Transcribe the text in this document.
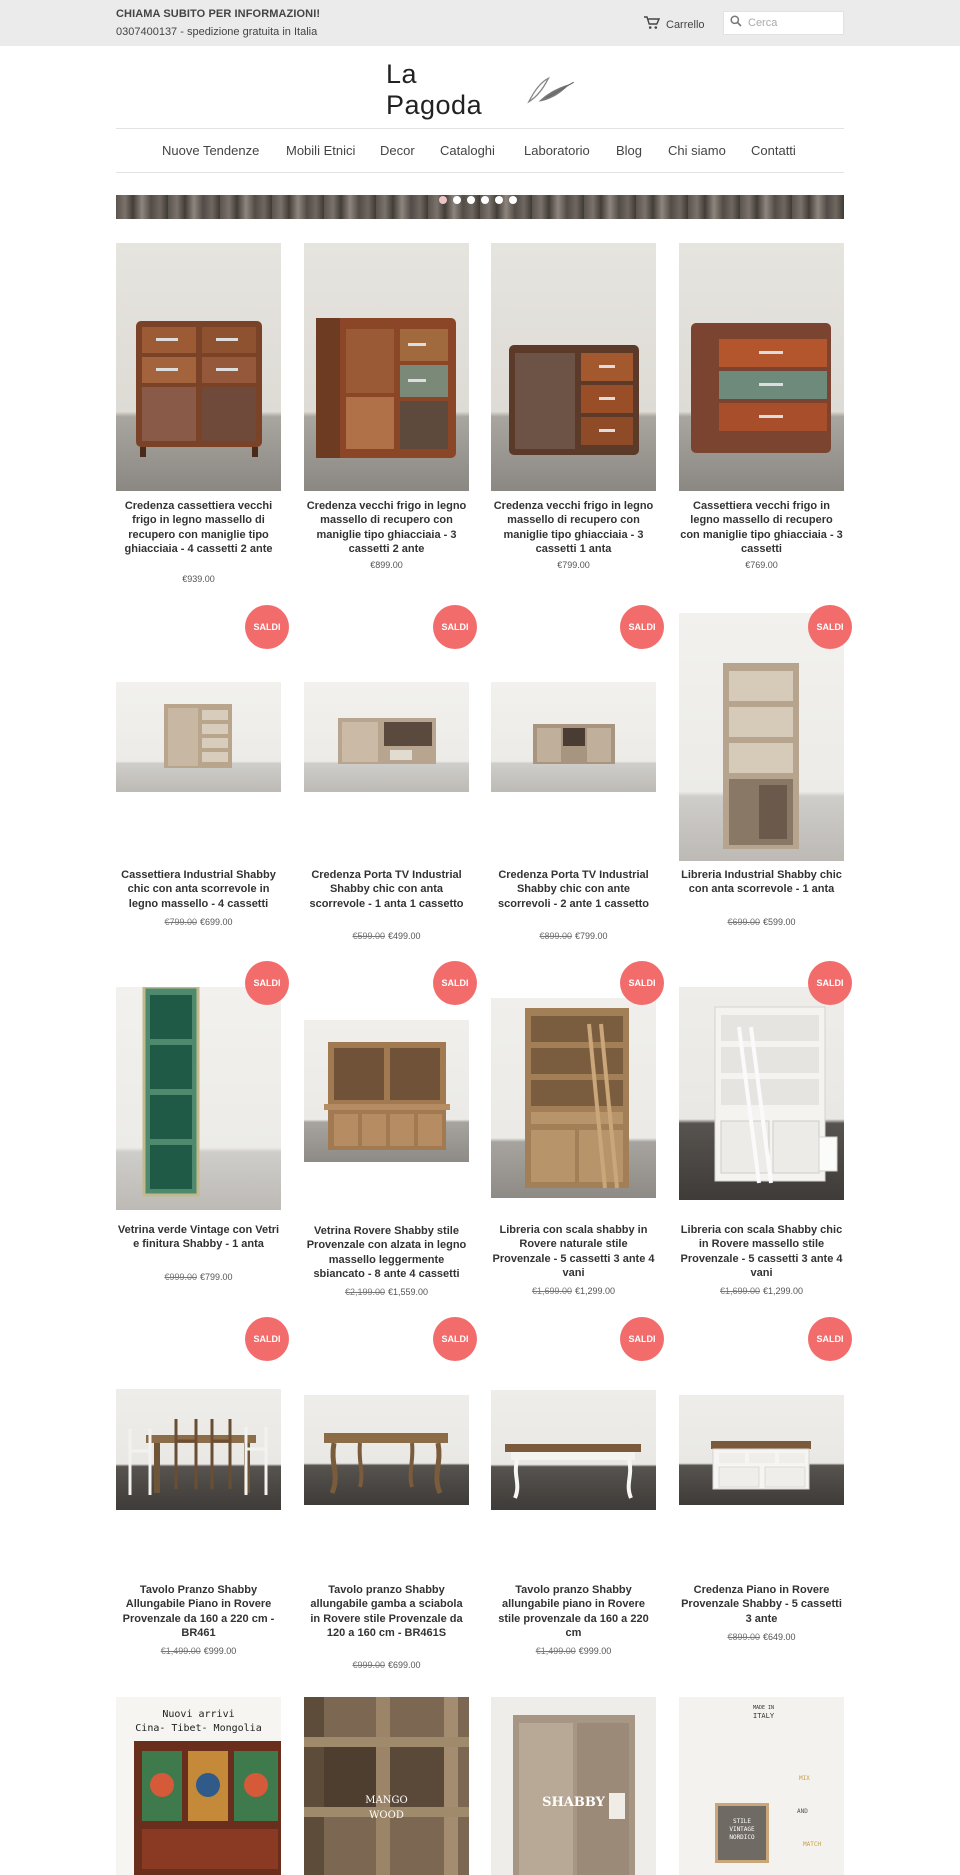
CHIAMA SUBITO PER INFORMAZIONI!
0307400137 - spedizione gratuita in Italia
Carrello
Cerca
La Pagoda
Nuove Tendenze Mobili Etnici Decor Cataloghi Laboratorio Blog Chi siamo Contatti
Credenza cassettiera vecchi frigo in legno massello di recupero con maniglie tipo ghiacciaia - 4 cassetti 2 ante
€939.00
Credenza vecchi frigo in legno massello di recupero con maniglie tipo ghiacciaia - 3 cassetti 2 ante
€899.00
Credenza vecchi frigo in legno massello di recupero con maniglie tipo ghiacciaia - 3 cassetti 1 anta
€799.00
Cassettiera vecchi frigo in legno massello di recupero con maniglie tipo ghiacciaia - 3 cassetti
€769.00
Cassettiera Industrial Shabby chic con anta scorrevole in legno massello - 4 cassetti
€799.00 €699.00
SALDI
Credenza Porta TV Industrial Shabby chic con anta scorrevole - 1 anta 1 cassetto
€599.00 €499.00
SALDI
Credenza Porta TV Industrial Shabby chic con ante scorrevoli - 2 ante 1 cassetto
€899.00 €799.00
SALDI
Libreria Industrial Shabby chic con anta scorrevole - 1 anta
€699.00 €599.00
SALDI
Vetrina verde Vintage con Vetri e finitura Shabby - 1 anta
€999.00 €799.00
SALDI
Vetrina Rovere Shabby stile Provenzale con alzata in legno massello leggermente sbiancato - 8 ante 4 cassetti
€2,199.00 €1,559.00
SALDI
Libreria con scala shabby in Rovere naturale stile Provenzale - 5 cassetti 3 ante 4 vani
€1,699.00 €1,299.00
SALDI
Libreria con scala Shabby chic in Rovere massello stile Provenzale - 5 cassetti 3 ante 4 vani
€1,699.00 €1,299.00
SALDI
Tavolo Pranzo Shabby Allungabile Piano in Rovere Provenzale da 160 a 220 cm - BR461
€1,499.00 €999.00
SALDI
Tavolo pranzo Shabby allungabile gamba a sciabola in Rovere stile Provenzale da 120 a 160 cm - BR461S
€999.00 €699.00
SALDI
Tavolo pranzo Shabby allungabile piano in Rovere stile provenzale da 160 a 220 cm
€1,499.00 €999.00
SALDI
Credenza Piano in Rovere Provenzale Shabby - 5 cassetti 3 ante
€899.00 €649.00
SALDI
Nuovi arrivi
Cina- Tibet- Mongolia
MANGO
WOOD
SHABBY
MADE IN
ITALY
MIX
AND
MATCH
STILE
VINTAGE
NORDICO
